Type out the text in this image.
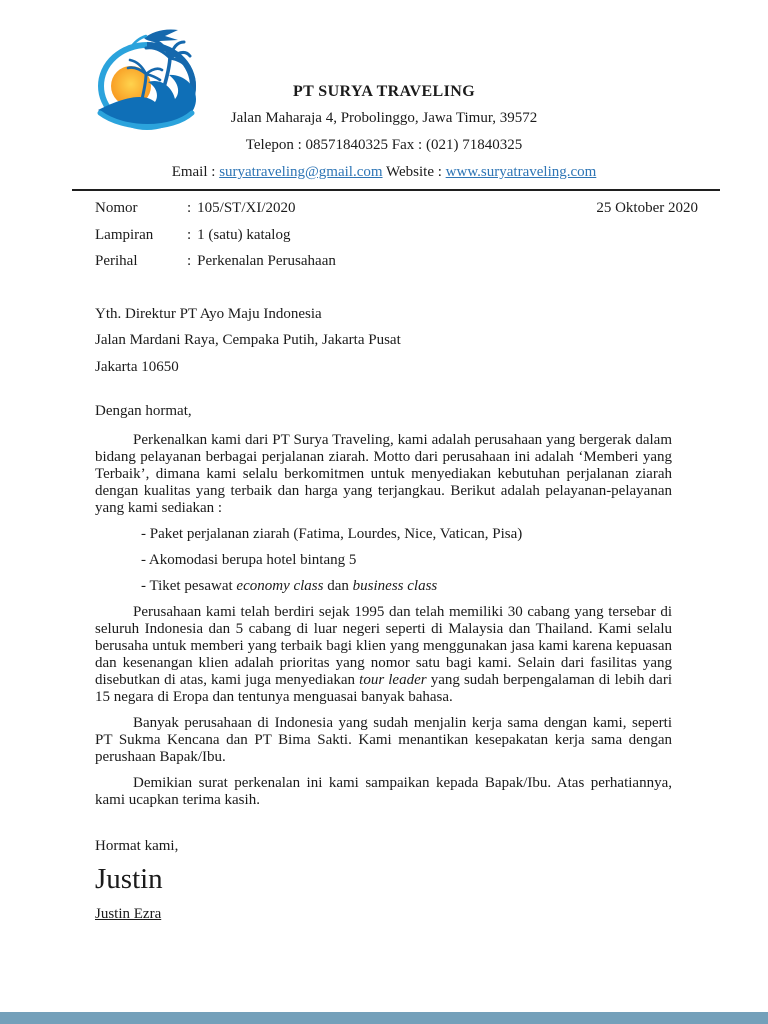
PT SURYA TRAVELING
Jalan Maharaja 4, Probolinggo, Jawa Timur, 39572
Telepon : 08571840325 Fax : (021) 71840325
Email : suryatraveling@gmail.com Website : www.suryatraveling.com
Nomor	: 105/ST/XI/2020
Lampiran	: 1 (satu) katalog
Perihal	: Perkenalan Perusahaan
25 Oktober 2020
Yth. Direktur PT Ayo Maju Indonesia
Jalan Mardani Raya, Cempaka Putih, Jakarta Pusat
Jakarta 10650
Dengan hormat,

Perkenalkan kami dari PT Surya Traveling, kami adalah perusahaan yang bergerak dalam bidang pelayanan berbagai perjalanan ziarah. Motto dari perusahaan ini adalah ‘Memberi yang Terbaik’, dimana kami selalu berkomitmen untuk menyediakan kebutuhan perjalanan ziarah dengan kualitas yang terbaik dan harga yang terjangkau. Berikut adalah pelayanan-pelayanan yang kami sediakan :

- Paket perjalanan ziarah (Fatima, Lourdes, Nice, Vatican, Pisa)
- Akomodasi berupa hotel bintang 5
- Tiket pesawat economy class dan business class

Perusahaan kami telah berdiri sejak 1995 dan telah memiliki 30 cabang yang tersebar di seluruh Indonesia dan 5 cabang di luar negeri seperti di Malaysia dan Thailand. Kami selalu berusaha untuk memberi yang terbaik bagi klien yang menggunakan jasa kami karena kepuasan dan kesenangan klien adalah prioritas yang nomor satu bagi kami. Selain dari fasilitas yang disebutkan di atas, kami juga menyediakan tour leader yang sudah berpengalaman di lebih dari 15 negara di Eropa dan tentunya menguasai banyak bahasa.

Banyak perusahaan di Indonesia yang sudah menjalin kerja sama dengan kami, seperti PT Sukma Kencana dan PT Bima Sakti. Kami menantikan kesepakatan kerja sama dengan perushaan Bapak/Ibu.

Demikian surat perkenalan ini kami sampaikan kepada Bapak/Ibu. Atas perhatiannya, kami ucapkan terima kasih.

Hormat kami,
Justin
Justin Ezra
